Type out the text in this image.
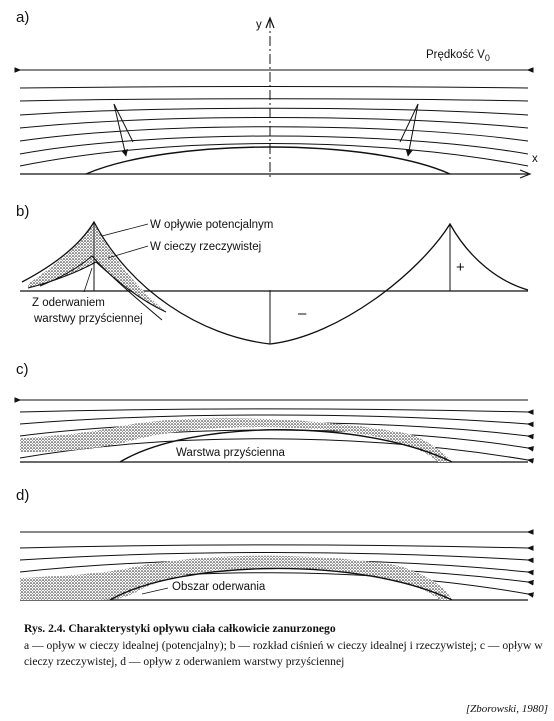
a)	y
x
Prędkość $V_0$
b)
W opływie potencjalnym
W cieczy rzeczywistej
Z oderwaniem
warstwy przyściennej
+
–
c)
Warstwa przyścienna
d)
Obszar oderwania

Rys. 2.4. Charakterystyki opływu ciała całkowicie zanurzonego
a — opływ w cieczy idealnej (potencjalny); b — rozkład ciśnień w cieczy idealnej i rzeczywistej; c — opływ w cieczy rzeczywistej, d — opływ z oderwaniem warstwy przyściennej

[Zborowski, 1980]
